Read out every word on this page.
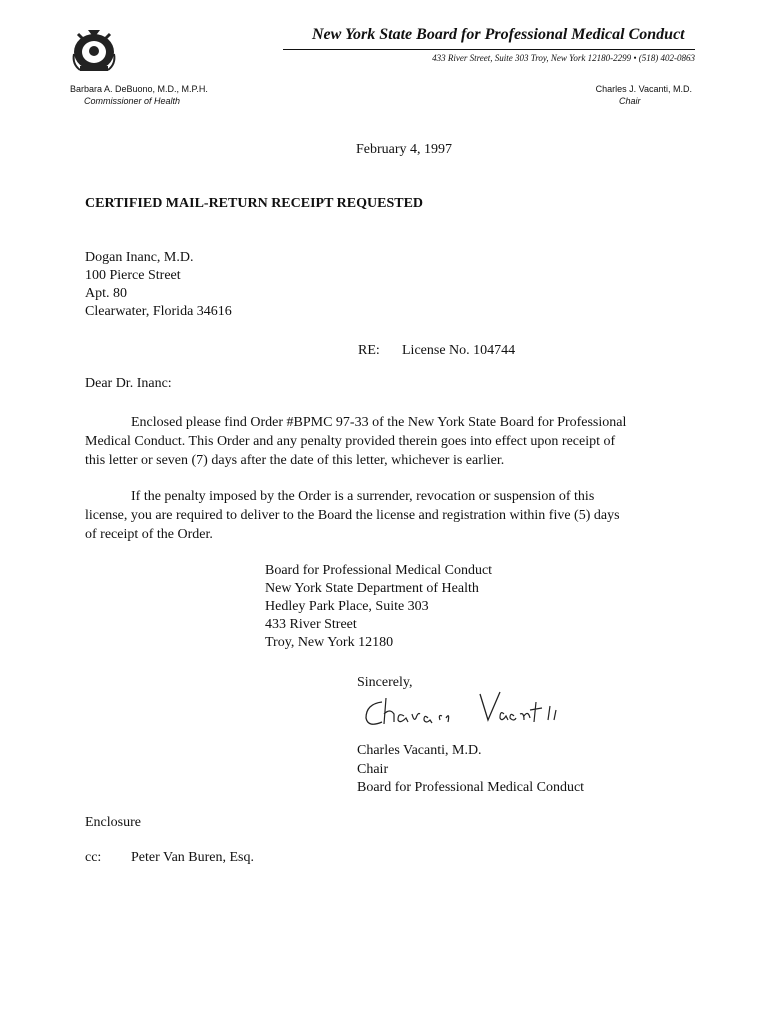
New York State Board for Professional Medical Conduct
433 River Street, Suite 303 Troy, New York 12180-2299 • (518) 402-0863
Barbara A. DeBuono, M.D., M.P.H.
Commissioner of Health
Charles J. Vacanti, M.D.
Chair
February 4, 1997
CERTIFIED MAIL-RETURN RECEIPT REQUESTED
Dogan Inanc, M.D.
100 Pierce Street
Apt. 80
Clearwater, Florida 34616
RE: License No. 104744
Dear Dr. Inanc:
Enclosed please find Order #BPMC 97-33 of the New York State Board for Professional
Medical Conduct. This Order and any penalty provided therein goes into effect upon receipt of
this letter or seven (7) days after the date of this letter, whichever is earlier.
If the penalty imposed by the Order is a surrender, revocation or suspension of this
license, you are required to deliver to the Board the license and registration within five (5) days
of receipt of the Order.
Board for Professional Medical Conduct
New York State Department of Health
Hedley Park Place, Suite 303
433 River Street
Troy, New York 12180
Sincerely,
Charles Vacanti, M.D.
Chair
Board for Professional Medical Conduct
Enclosure
cc: Peter Van Buren, Esq.
